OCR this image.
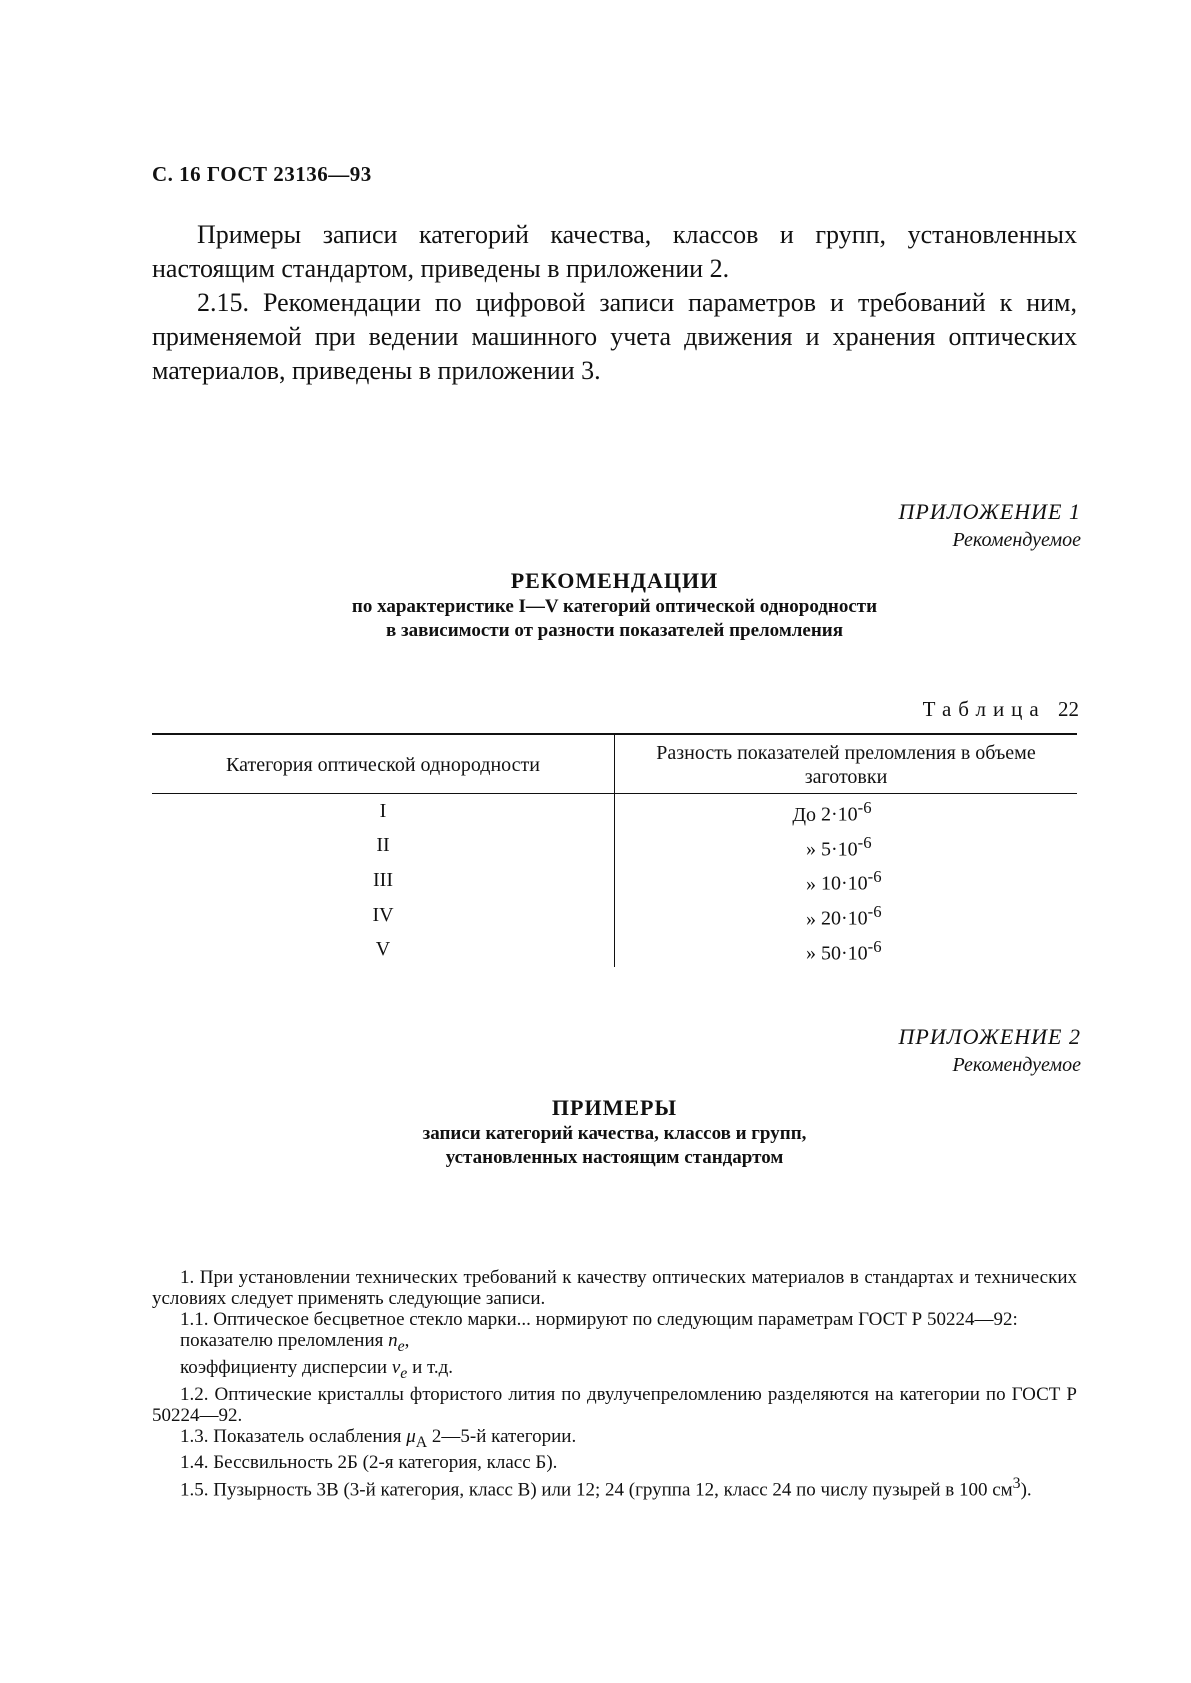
С. 16 ГОСТ 23136—93

Примеры записи категорий качества, классов и групп, установленных настоящим стандартом, приведены в приложении 2.

2.15. Рекомендации по цифровой записи параметров и требований к ним, применяемой при ведении машинного учета движения и хранения оптических материалов, приведены в приложении 3.

ПРИЛОЖЕНИЕ 1
Рекомендуемое
РЕКОМЕНДАЦИИ
по характеристике I—V категорий оптической однородности
в зависимости от разности показателей преломления
Таблица 22
Категория оптической однородности	Разность показателей преломления в объеме заготовки
I	До $2\cdot 10^{-6}$
II	» $5\cdot 10^{-6}$
III	» $10\cdot 10^{-6}$
IV	» $20\cdot 10^{-6}$
V	» $50\cdot 10^{-6}$
ПРИЛОЖЕНИЕ 2
Рекомендуемое
ПРИМЕРЫ
записи категорий качества, классов и групп,
установленных настоящим стандартом

1. При установлении технических требований к качеству оптических материалов в стандартах и технических условиях следует применять следующие записи.

1.1. Оптическое бесцветное стекло марки... нормируют по следующим параметрам ГОСТ Р 50224—92:

показателю преломления $n_e$,

коэффициенту дисперсии $\nu_e$ и т.д.

1.2. Оптические кристаллы фтористого лития по двулучепреломлению разделяются на категории по ГОСТ Р 50224—92.

1.3. Показатель ослабления $\mu_A$ 2—5-й категории.

1.4. Бессвильность 2Б (2-я категория, класс Б).

1.5. Пузырность 3В (3-й категория, класс В) или 12; 24 (группа 12, класс 24 по числу пузырей в 100 $см^3$).
